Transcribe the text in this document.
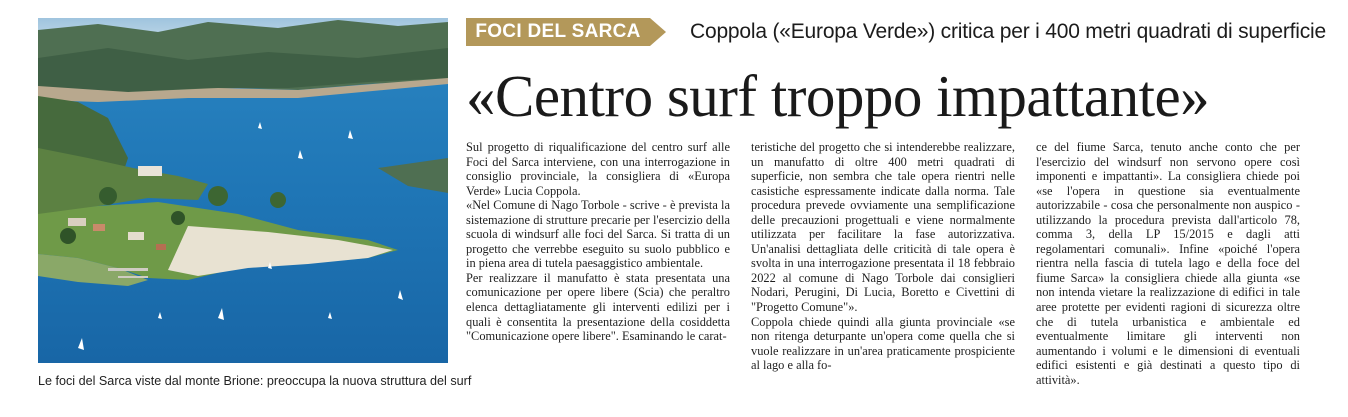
Le foci del Sarca viste dal monte Brione: preoccupa la nuova struttura del surf
FOCI DEL SARCA	Coppola («Europa Verde») critica per i 400 metri quadrati di superficie
«Centro surf troppo impattante»

Sul progetto di riqualificazione del centro surf alle Foci del Sarca interviene, con una interrogazione in consiglio provinciale, la consigliera di «Europa Verde» Lucia Coppola.

«Nel Comune di Nago Torbole - scrive - è prevista la sistemazione di strutture precarie per l'esercizio della scuola di windsurf alle foci del Sarca. Si tratta di un progetto che verrebbe eseguito su suolo pubblico e in piena area di tutela paesaggistico ambientale.

Per realizzare il manufatto è stata presentata una comunicazione per opere libere (Scia) che peraltro elenca dettagliatamente gli interventi edilizi per i quali è consentita la presentazione della cosiddetta "Comunicazione opere libere". Esaminando le carat-

teristiche del progetto che si intenderebbe realizzare, un manufatto di oltre 400 metri quadrati di superficie, non sembra che tale opera rientri nelle casistiche espressamente indicate dalla norma. Tale procedura prevede ovviamente una semplificazione delle precauzioni progettuali e viene normalmente utilizzata per facilitare la fase autorizzativa. Un'analisi dettagliata delle criticità di tale opera è svolta in una interrogazione presentata il 18 febbraio 2022 al comune di Nago Torbole dai consiglieri Nodari, Perugini, Di Lucia, Boretto e Civettini di "Progetto Comune"».

Coppola chiede quindi alla giunta provinciale «se non ritenga deturpante un'opera come quella che si vuole realizzare in un'area praticamente prospiciente al lago e alla fo-

ce del fiume Sarca, tenuto anche conto che per l'esercizio del windsurf non servono opere così imponenti e impattanti». La consigliera chiede poi «se l'opera in questione sia eventualmente autorizzabile - cosa che personalmente non auspico - utilizzando la procedura prevista dall'articolo 78, comma 3, della LP 15/2015 e dagli atti regolamentari comunali». Infine «poiché l'opera rientra nella fascia di tutela lago e della foce del fiume Sarca» la consigliera chiede alla giunta «se non intenda vietare la realizzazione di edifici in tale aree protette per evidenti ragioni di sicurezza oltre che di tutela urbanistica e ambientale ed eventualmente limitare gli interventi non aumentando i volumi e le dimensioni di eventuali edifici esistenti e già destinati a questo tipo di attività».
